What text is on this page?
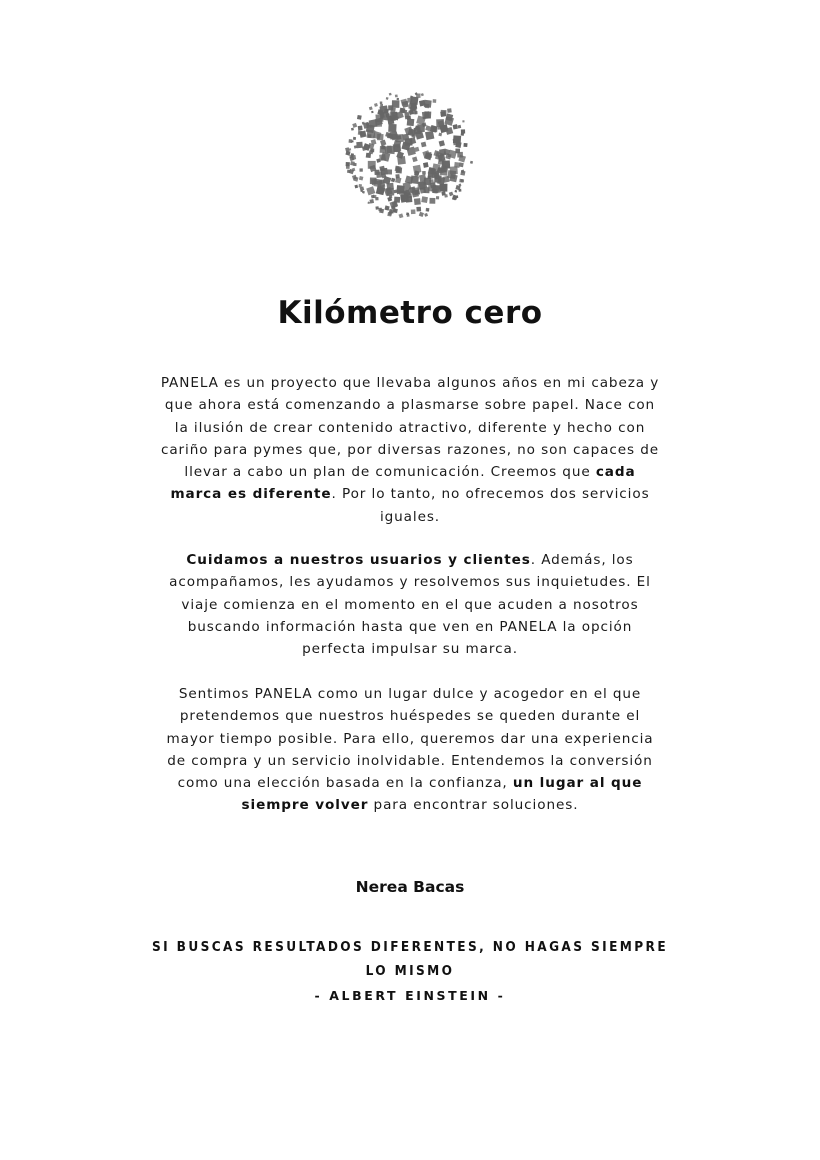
Kilómetro cero

PANELA es un proyecto que llevaba algunos años en mi cabeza y que ahora está comenzando a plasmarse sobre papel. Nace con la ilusión de crear contenido atractivo, diferente y hecho con cariño para pymes que, por diversas razones, no son capaces de llevar a cabo un plan de comunicación. Creemos que cada marca es diferente. Por lo tanto, no ofrecemos dos servicios iguales.

Cuidamos a nuestros usuarios y clientes. Además, los acompañamos, les ayudamos y resolvemos sus inquietudes. El viaje comienza en el momento en el que acuden a nosotros buscando información hasta que ven en PANELA la opción perfecta impulsar su marca.

Sentimos PANELA como un lugar dulce y acogedor en el que pretendemos que nuestros huéspedes se queden durante el mayor tiempo posible. Para ello, queremos dar una experiencia de compra y un servicio inolvidable. Entendemos la conversión como una elección basada en la confianza, un lugar al que siempre volver para encontrar soluciones.

Nerea Bacas

SI BUSCAS RESULTADOS DIFERENTES, NO HAGAS SIEMPRE LO MISMO

- ALBERT EINSTEIN -
